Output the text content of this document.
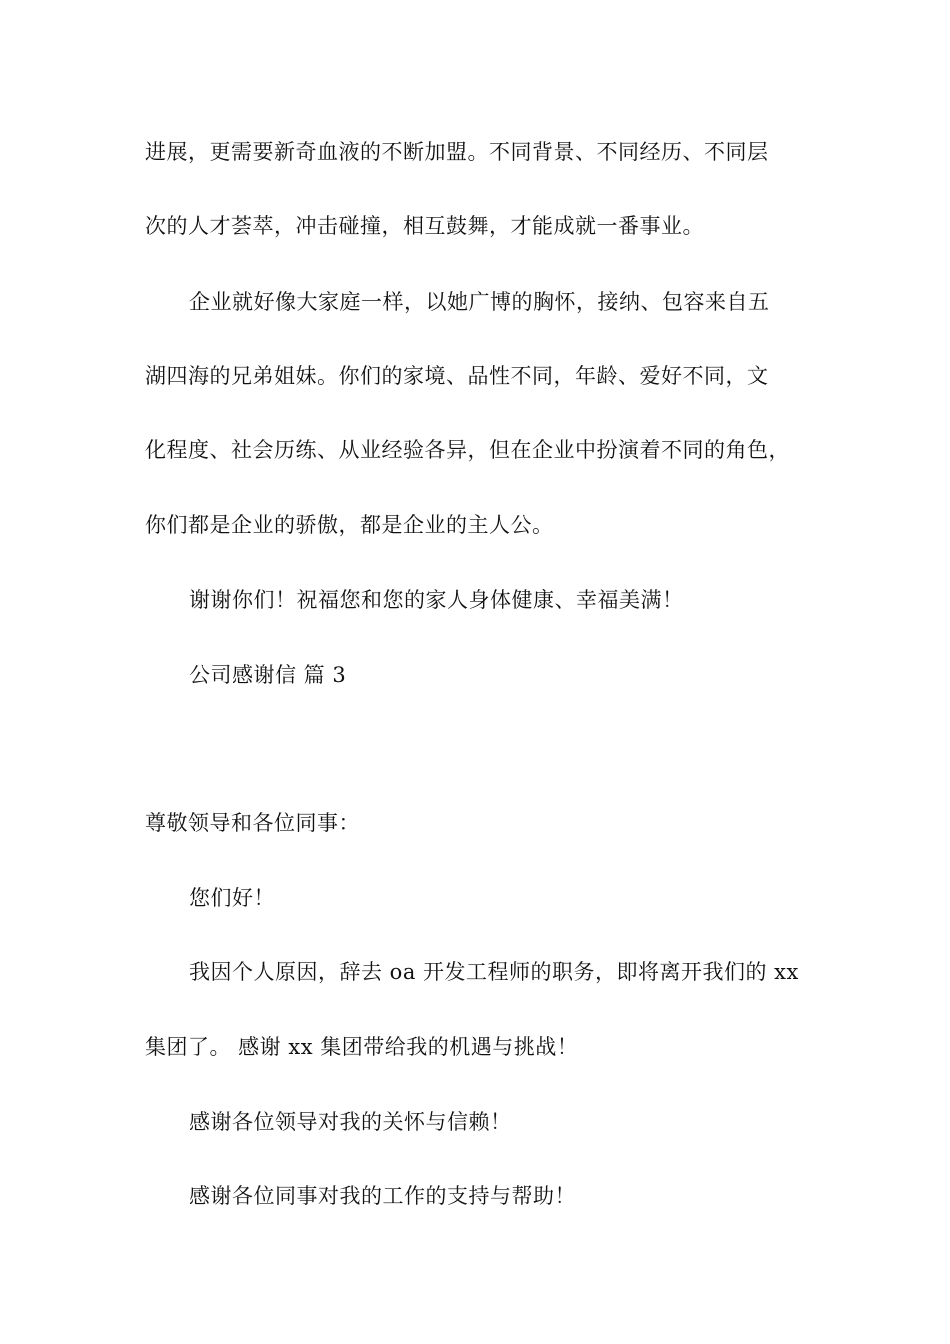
进展，更需要新奇血液的不断加盟。不同背景、不同经历、不同层
次的人才荟萃，冲击碰撞，相互鼓舞，才能成就一番事业。
企业就好像大家庭一样，以她广博的胸怀，接纳、包容来自五
湖四海的兄弟姐妹。你们的家境、品性不同，年龄、爱好不同，文
化程度、社会历练、从业经验各异，但在企业中扮演着不同的角色，
你们都是企业的骄傲，都是企业的主人公。
谢谢你们！祝福您和您的家人身体健康、幸福美满！
公司感谢信 篇 3
尊敬领导和各位同事：
您们好！
我因个人原因，辞去 oa 开发工程师的职务，即将离开我们的 xx
集团了。 感谢 xx 集团带给我的机遇与挑战！
感谢各位领导对我的关怀与信赖！
感谢各位同事对我的工作的支持与帮助！
